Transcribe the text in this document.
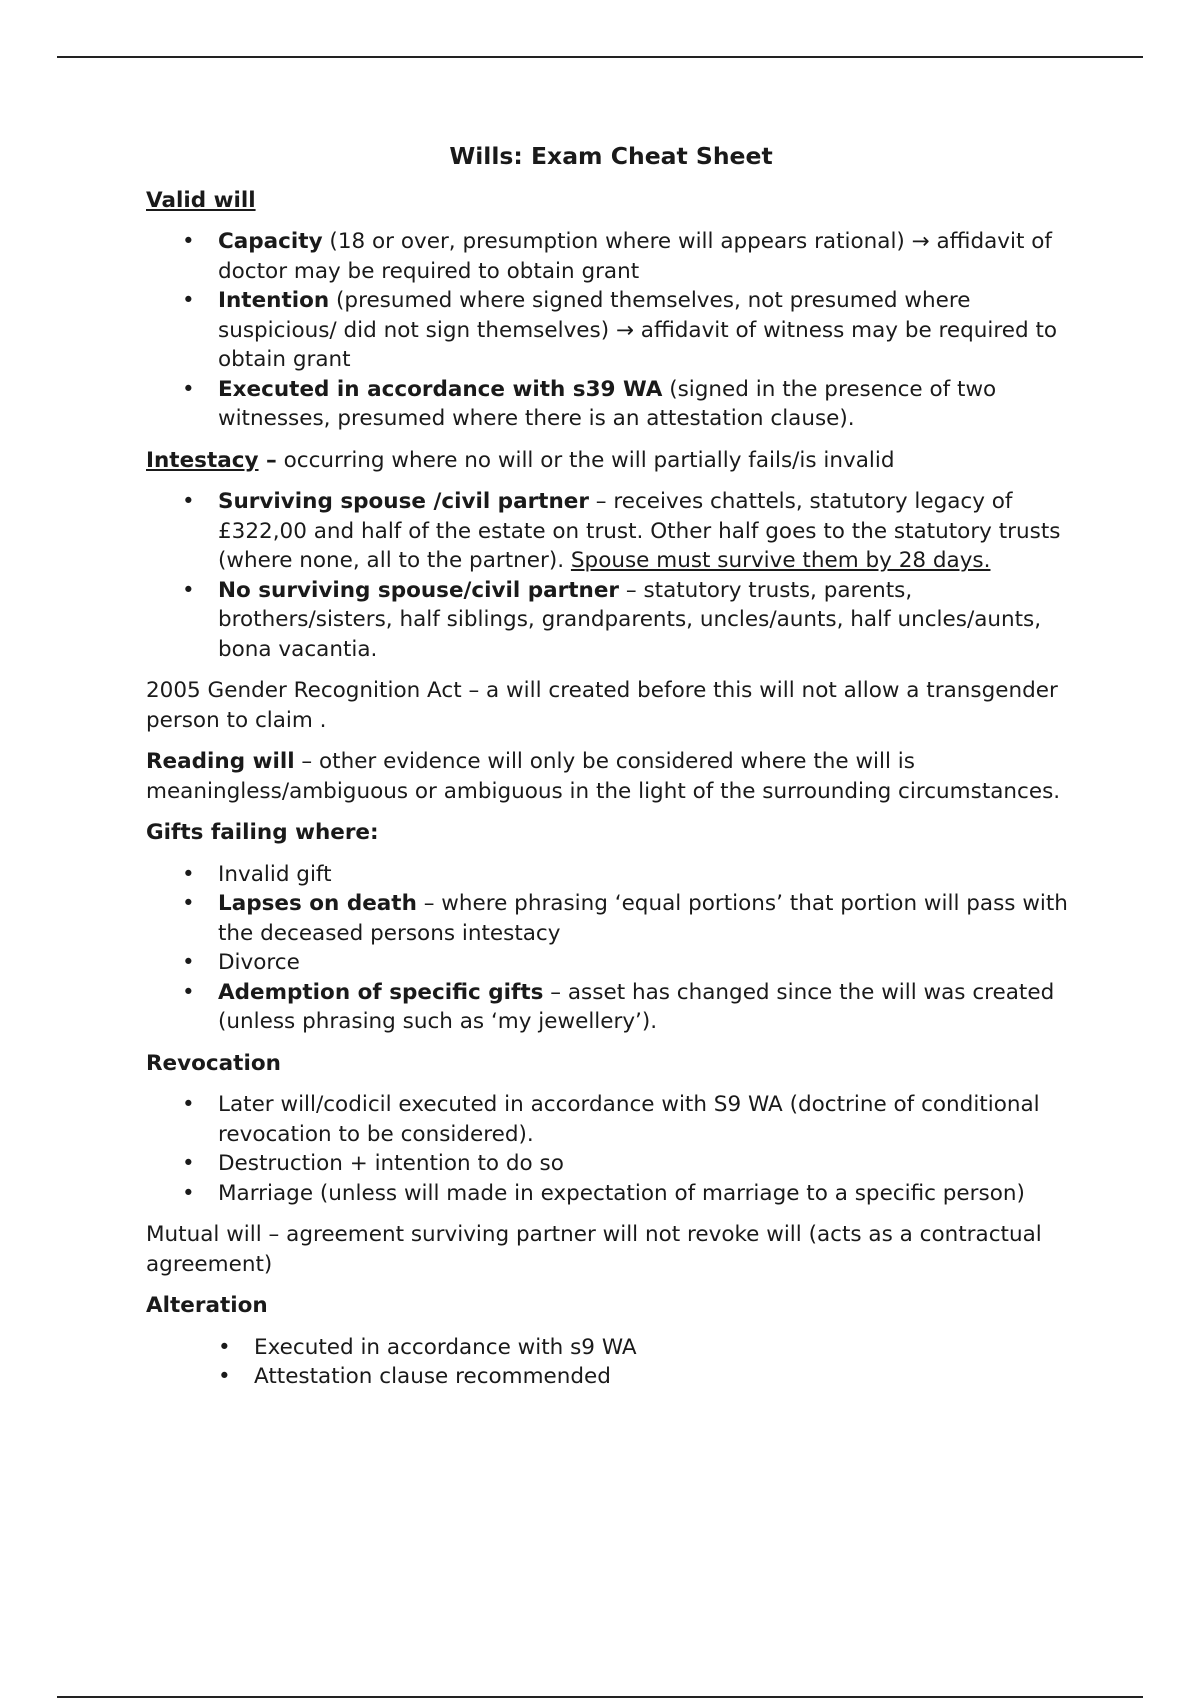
Wills: Exam Cheat Sheet
Valid will
• Capacity (18 or over, presumption where will appears rational) → affidavit of doctor may be required to obtain grant
• Intention (presumed where signed themselves, not presumed where suspicious/ did not sign themselves) → affidavit of witness may be required to obtain grant
• Executed in accordance with s39 WA (signed in the presence of two witnesses, presumed where there is an attestation clause).

Intestacy – occurring where no will or the will partially fails/is invalid

• Surviving spouse /civil partner – receives chattels, statutory legacy of £322,00 and half of the estate on trust. Other half goes to the statutory trusts (where none, all to the partner). Spouse must survive them by 28 days.
• No surviving spouse/civil partner – statutory trusts, parents, brothers/sisters, half siblings, grandparents, uncles/aunts, half uncles/aunts, bona vacantia.

2005 Gender Recognition Act – a will created before this will not allow a transgender person to claim .

Reading will – other evidence will only be considered where the will is meaningless/ambiguous or ambiguous in the light of the surrounding circumstances.

Gifts failing where:
• Invalid gift
• Lapses on death – where phrasing ‘equal portions’ that portion will pass with the deceased persons intestacy
• Divorce
• Ademption of specific gifts – asset has changed since the will was created (unless phrasing such as ‘my jewellery’).
Revocation
• Later will/codicil executed in accordance with S9 WA (doctrine of conditional revocation to be considered).
• Destruction + intention to do so
• Marriage (unless will made in expectation of marriage to a specific person)

Mutual will – agreement surviving partner will not revoke will (acts as a contractual agreement)

Alteration
• Executed in accordance with s9 WA
• Attestation clause recommended
